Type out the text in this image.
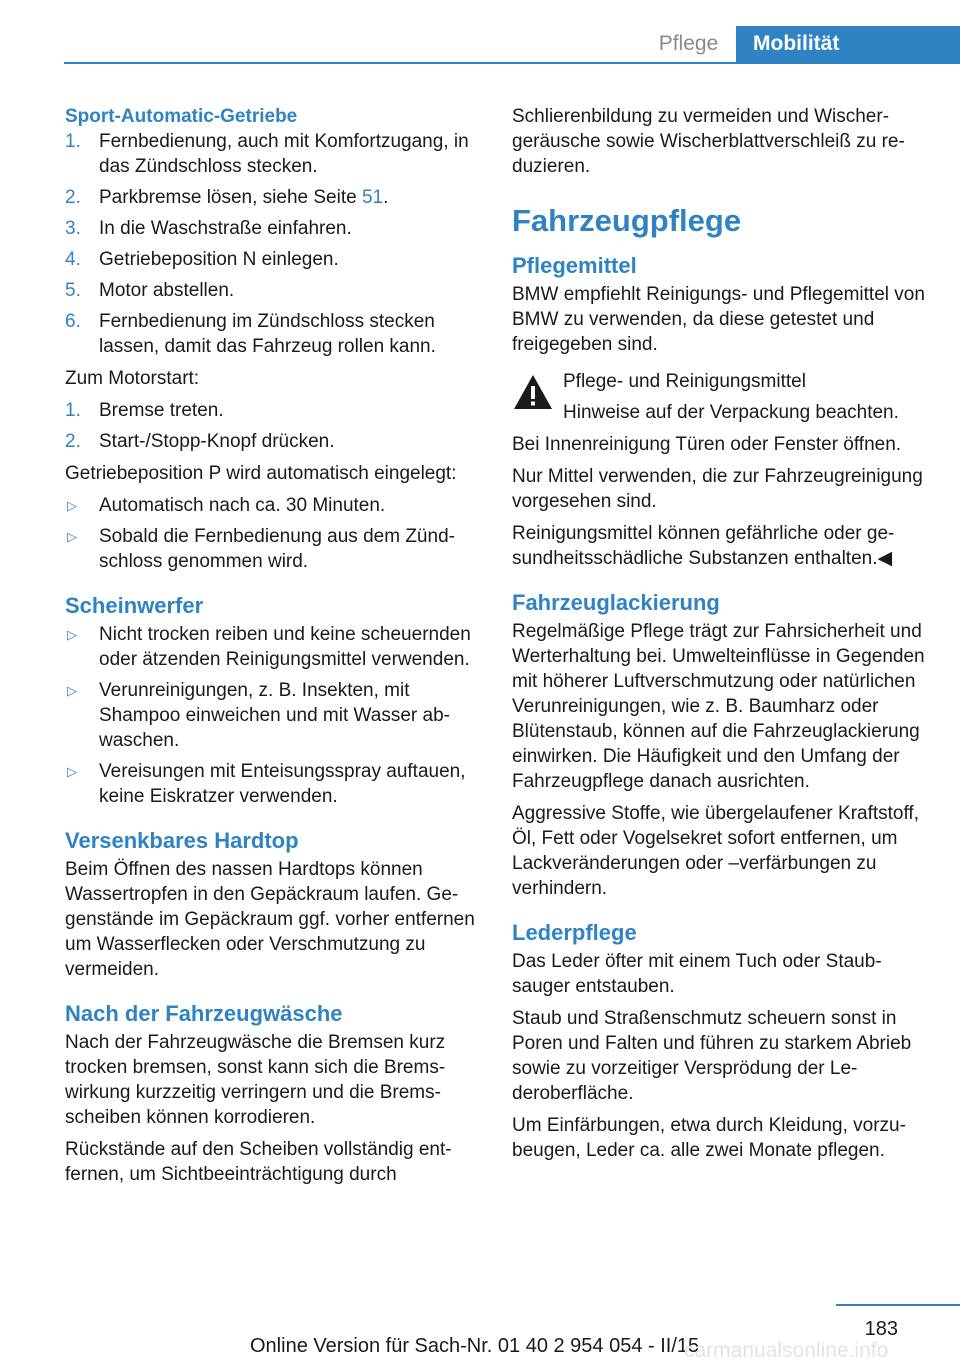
Pflege	Mobilität
Sport-Automatic-Getriebe
1. Fernbedienung, auch mit Komfortzugang, in das Zündschloss stecken.
2. Parkbremse lösen, siehe Seite 51.
3. In die Waschstraße einfahren.
4. Getriebeposition N einlegen.
5. Motor abstellen.
6. Fernbedienung im Zündschloss stecken lassen, damit das Fahrzeug rollen kann.

Zum Motorstart:

1. Bremse treten.
2. Start-/Stopp-Knopf drücken.

Getriebeposition P wird automatisch eingelegt:

▷ Automatisch nach ca. 30 Minuten.
▷ Sobald die Fernbedienung aus dem Zündschloss genommen wird.
Scheinwerfer
▷ Nicht trocken reiben und keine scheuernden oder ätzenden Reinigungsmittel verwenden.
▷ Verunreinigungen, z. B. Insekten, mit Shampoo einweichen und mit Wasser abwaschen.
▷ Vereisungen mit Enteisungsspray auftauen, keine Eiskratzer verwenden.
Versenkbares Hardtop

Beim Öffnen des nassen Hardtops können Wassertropfen in den Gepäckraum laufen. Gegenstände im Gepäckraum ggf. vorher entfernen um Wasserflecken oder Verschmutzung zu vermeiden.

Nach der Fahrzeugwäsche

Nach der Fahrzeugwäsche die Bremsen kurz trocken bremsen, sonst kann sich die Bremswirkung kurzzeitig verringern und die Bremsscheiben können korrodieren.

Rückstände auf den Scheiben vollständig entfernen, um Sichtbeeinträchtigung durch

Schlierenbildung zu vermeiden und Wischergeräusche sowie Wischerblattverschleiß zu reduzieren.

Fahrzeugpflege
Pflegemittel

BMW empfiehlt Reinigungs- und Pflegemittel von BMW zu verwenden, da diese getestet und freigegeben sind.

Pflege- und Reinigungsmittel

Hinweise auf der Verpackung beachten.

Bei Innenreinigung Türen oder Fenster öffnen.

Nur Mittel verwenden, die zur Fahrzeugreinigung vorgesehen sind.

Reinigungsmittel können gefährliche oder gesundheitsschädliche Substanzen enthalten.◀

Fahrzeuglackierung

Regelmäßige Pflege trägt zur Fahrsicherheit und Werterhaltung bei. Umwelteinflüsse in Gegenden mit höherer Luftverschmutzung oder natürlichen Verunreinigungen, wie z. B. Baumharz oder Blütenstaub, können auf die Fahrzeuglackierung einwirken. Die Häufigkeit und den Umfang der Fahrzeugpflege danach ausrichten.

Aggressive Stoffe, wie übergelaufener Kraftstoff, Öl, Fett oder Vogelsekret sofort entfernen, um Lackveränderungen oder –verfärbungen zu verhindern.

Lederpflege

Das Leder öfter mit einem Tuch oder Staubsauger entstauben.

Staub und Straßenschmutz scheuern sonst in Poren und Falten und führen zu starkem Abrieb sowie zu vorzeitiger Versprödung der Lederoberfläche.

Um Einfärbungen, etwa durch Kleidung, vorzubeugen, Leder ca. alle zwei Monate pflegen.

183
Online Version für Sach-Nr. 01 40 2 954 054 - II/15
carmanualsonline.info
